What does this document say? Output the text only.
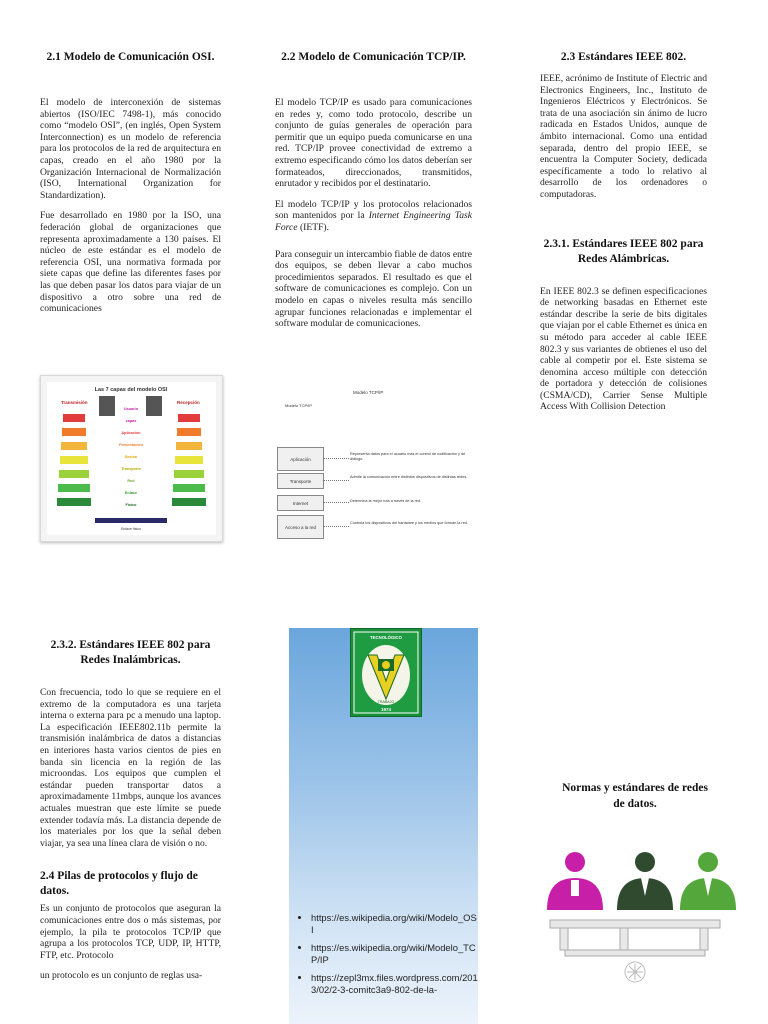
2.1 Modelo de Comunicación OSI.

El modelo de interconexión de sistemas abiertos (ISO/IEC 7498-1), más conocido como “modelo OSI”, (en inglés, Open System Interconnection) es un modelo de referencia para los protocolos de la red de arquitectura en capas, creado en el año 1980 por la Organización Internacional de Normalización (ISO, International Organization for Standardization).

Fue desarrollado en 1980 por la ISO, una federación global de organizaciones que representa aproximadamente a 130 países. El núcleo de este estándar es el modelo de referencia OSI, una normativa formada por siete capas que define las diferentes fases por las que deben pasar los datos para viajar de un dispositivo a otro sobre una red de comunicaciones

Las 7 capas del modelo OSI
Transmisión	Recepción
Usuario
capas
Aplicación
Presentación
Sesión
Transporte
Red
Enlace
Físico
Enlace físico
2.3.2. Estándares IEEE 802 para Redes Inalámbricas.

Con frecuencia, todo lo que se requiere en el extremo de la computadora es una tarjeta interna o externa para pc a menudo una laptop. La especificación IEEE802.11b permite la transmisión inalámbrica de datos a distancias en interiores hasta varios cientos de pies en banda sin licencia en la región de las microondas. Los equipos que cumplen el estándar pueden transportar datos a aproximadamente 11mbps, aunque los avances actuales muestran que este límite se puede extender todavía más. La distancia depende de los materiales por los que la señal deben viajar, ya sea una línea clara de visión o no.

2.4 Pilas de protocolos y flujo de datos.

Es un conjunto de protocolos que aseguran la comunicaciones entre dos o más sistemas, por ejemplo, la pila te protocolos TCP/IP que agrupa a los protocolos TCP, UDP, IP, HTTP, FTP, etc. Protocolo

un protocolo es un conjunto de reglas usa-

2.2 Modelo de Comunicación TCP/IP.

El modelo TCP/IP es usado para comunicaciones en redes y, como todo protocolo, describe un conjunto de guías generales de operación para permitir que un equipo pueda comunicarse en una red. TCP/IP provee conectividad de extremo a extremo especificando cómo los datos deberían ser formateados, direccionados, transmitidos, enrutador y recibidos por el destinatario.

El modelo TCP/IP y los protocolos relacionados son mantenidos por la Internet Engineering Task Force (IETF).

Para conseguir un intercambio fiable de datos entre dos equipos, se deben llevar a cabo muchos procedimientos separados. El resultado es que el software de comunicaciones es complejo. Con un modelo en capas o niveles resulta más sencillo agrupar funciones relacionadas e implementar el software modular de comunicaciones.

Modelo TCP/IP
Modelo TCP/IP
Aplicación
Representa datos para el usuario más el control de codificación y de diálogo.
Transporte
Admite la comunicación entre distintos dispositivos de distintas redes.
Internet	Determina la mejor ruta a través de la red.
Acceso a la red
Controla los dispositivos del hardware y los medios que forman la red.
TECNOLÓGICO
TRABAJO
1974
• https://es.wikipedia.org/wiki/Modelo_OSI
• https://es.wikipedia.org/wiki/Modelo_TCP/IP
• https://zepl3mx.files.wordpress.com/2013/02/2-3-comitc3a9-802-de-la-
2.3 Estándares IEEE 802.

IEEE, acrónimo de Institute of Electric and Electronics Engineers, Inc., Instituto de Ingenieros Eléctricos y Electrónicos. Se trata de una asociación sin ánimo de lucro radicada en Estados Unidos, aunque de ámbito internacional. Como una entidad separada, dentro del propio IEEE, se encuentra la Computer Society, dedicada específicamente a todo lo relativo al desarrollo de los ordenadores o computadoras.

2.3.1. Estándares IEEE 802 para Redes Alámbricas.

En IEEE 802.3 se definen especificaciones de networking basadas en Ethernet este estándar describe la serie de bits digitales que viajan por el cable Ethernet es única en su método para acceder al cable IEEE 802.3 y sus variantes de obtienes el uso del cable al competir por el. Este sistema se denomina acceso múltiple con detección de portadora y detección de colisiones (CSMA/CD), Carrier Sense Multiple Access With Collision Detection

Normas y estándares de redes de datos.
